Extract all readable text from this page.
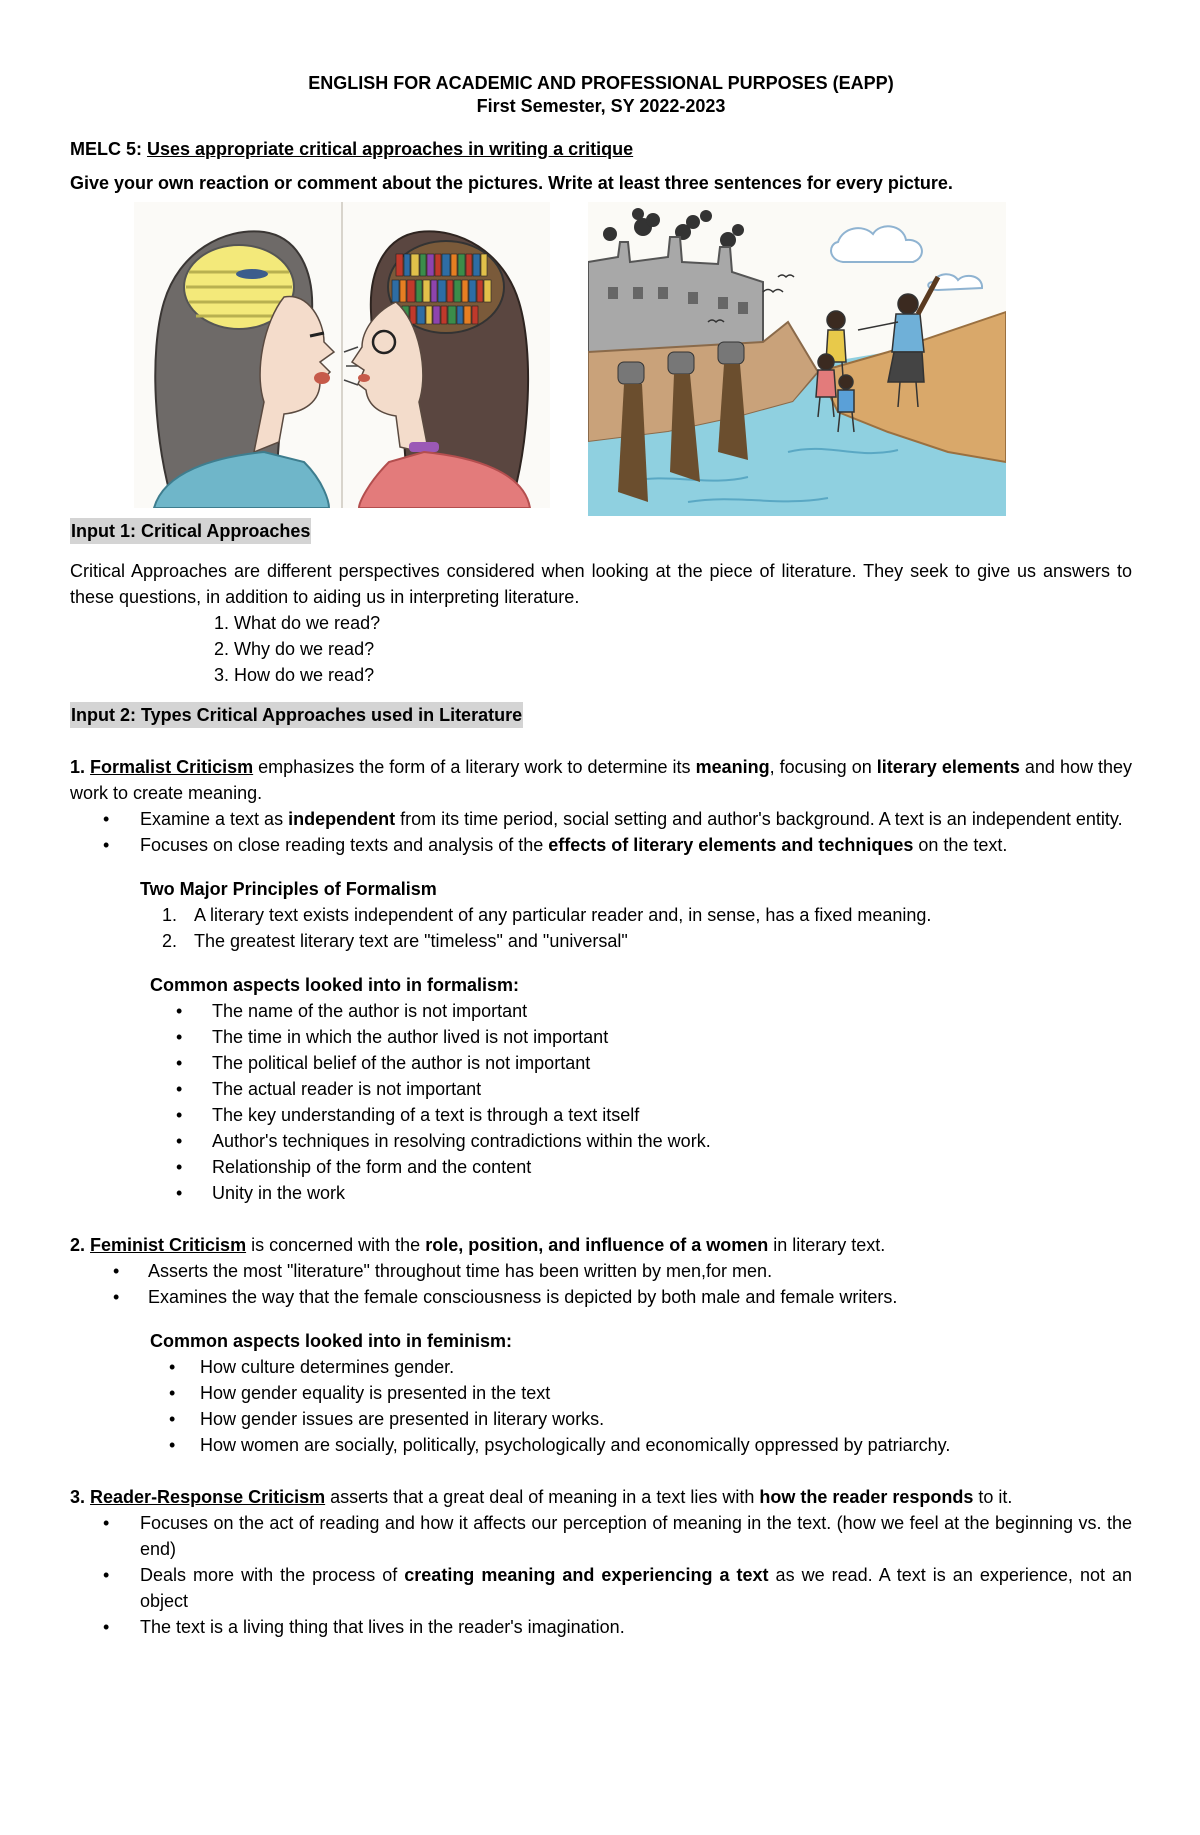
ENGLISH FOR ACADEMIC AND PROFESSIONAL PURPOSES (EAPP)
First Semester, SY 2022-2023
MELC 5: Uses appropriate critical approaches in writing a critique
Give your own reaction or comment about the pictures. Write at least three sentences for every picture.
Input 1: Critical Approaches
Critical Approaches are different perspectives considered when looking at the piece of literature. They seek to give us answers to these questions, in addition to aiding us in interpreting literature.
1. What do we read?
2. Why do we read?
3. How do we read?
Input 2: Types Critical Approaches used in Literature
1. Formalist Criticism emphasizes the form of a literary work to determine its meaning, focusing on literary elements and how they work to create meaning.
• Examine a text as independent from its time period, social setting and author's background. A text is an independent entity.
• Focuses on close reading texts and analysis of the effects of literary elements and techniques on the text.
Two Major Principles of Formalism
1. A literary text exists independent of any particular reader and, in sense, has a fixed meaning.
2. The greatest literary text are "timeless" and "universal"
Common aspects looked into in formalism:
• The name of the author is not important
• The time in which the author lived is not important
• The political belief of the author is not important
• The actual reader is not important
• The key understanding of a text is through a text itself
• Author's techniques in resolving contradictions within the work.
• Relationship of the form and the content
• Unity in the work
2. Feminist Criticism is concerned with the role, position, and influence of a women in literary text.
• Asserts the most "literature" throughout time has been written by men,for men.
• Examines the way that the female consciousness is depicted by both male and female writers.
Common aspects looked into in feminism:
• How culture determines gender.
• How gender equality is presented in the text
• How gender issues are presented in literary works.
• How women are socially, politically, psychologically and economically oppressed by patriarchy.
3. Reader-Response Criticism asserts that a great deal of meaning in a text lies with how the reader responds to it.
• Focuses on the act of reading and how it affects our perception of meaning in the text. (how we feel at the beginning vs. the end)
• Deals more with the process of creating meaning and experiencing a text as we read. A text is an experience, not an object
• The text is a living thing that lives in the reader's imagination.
